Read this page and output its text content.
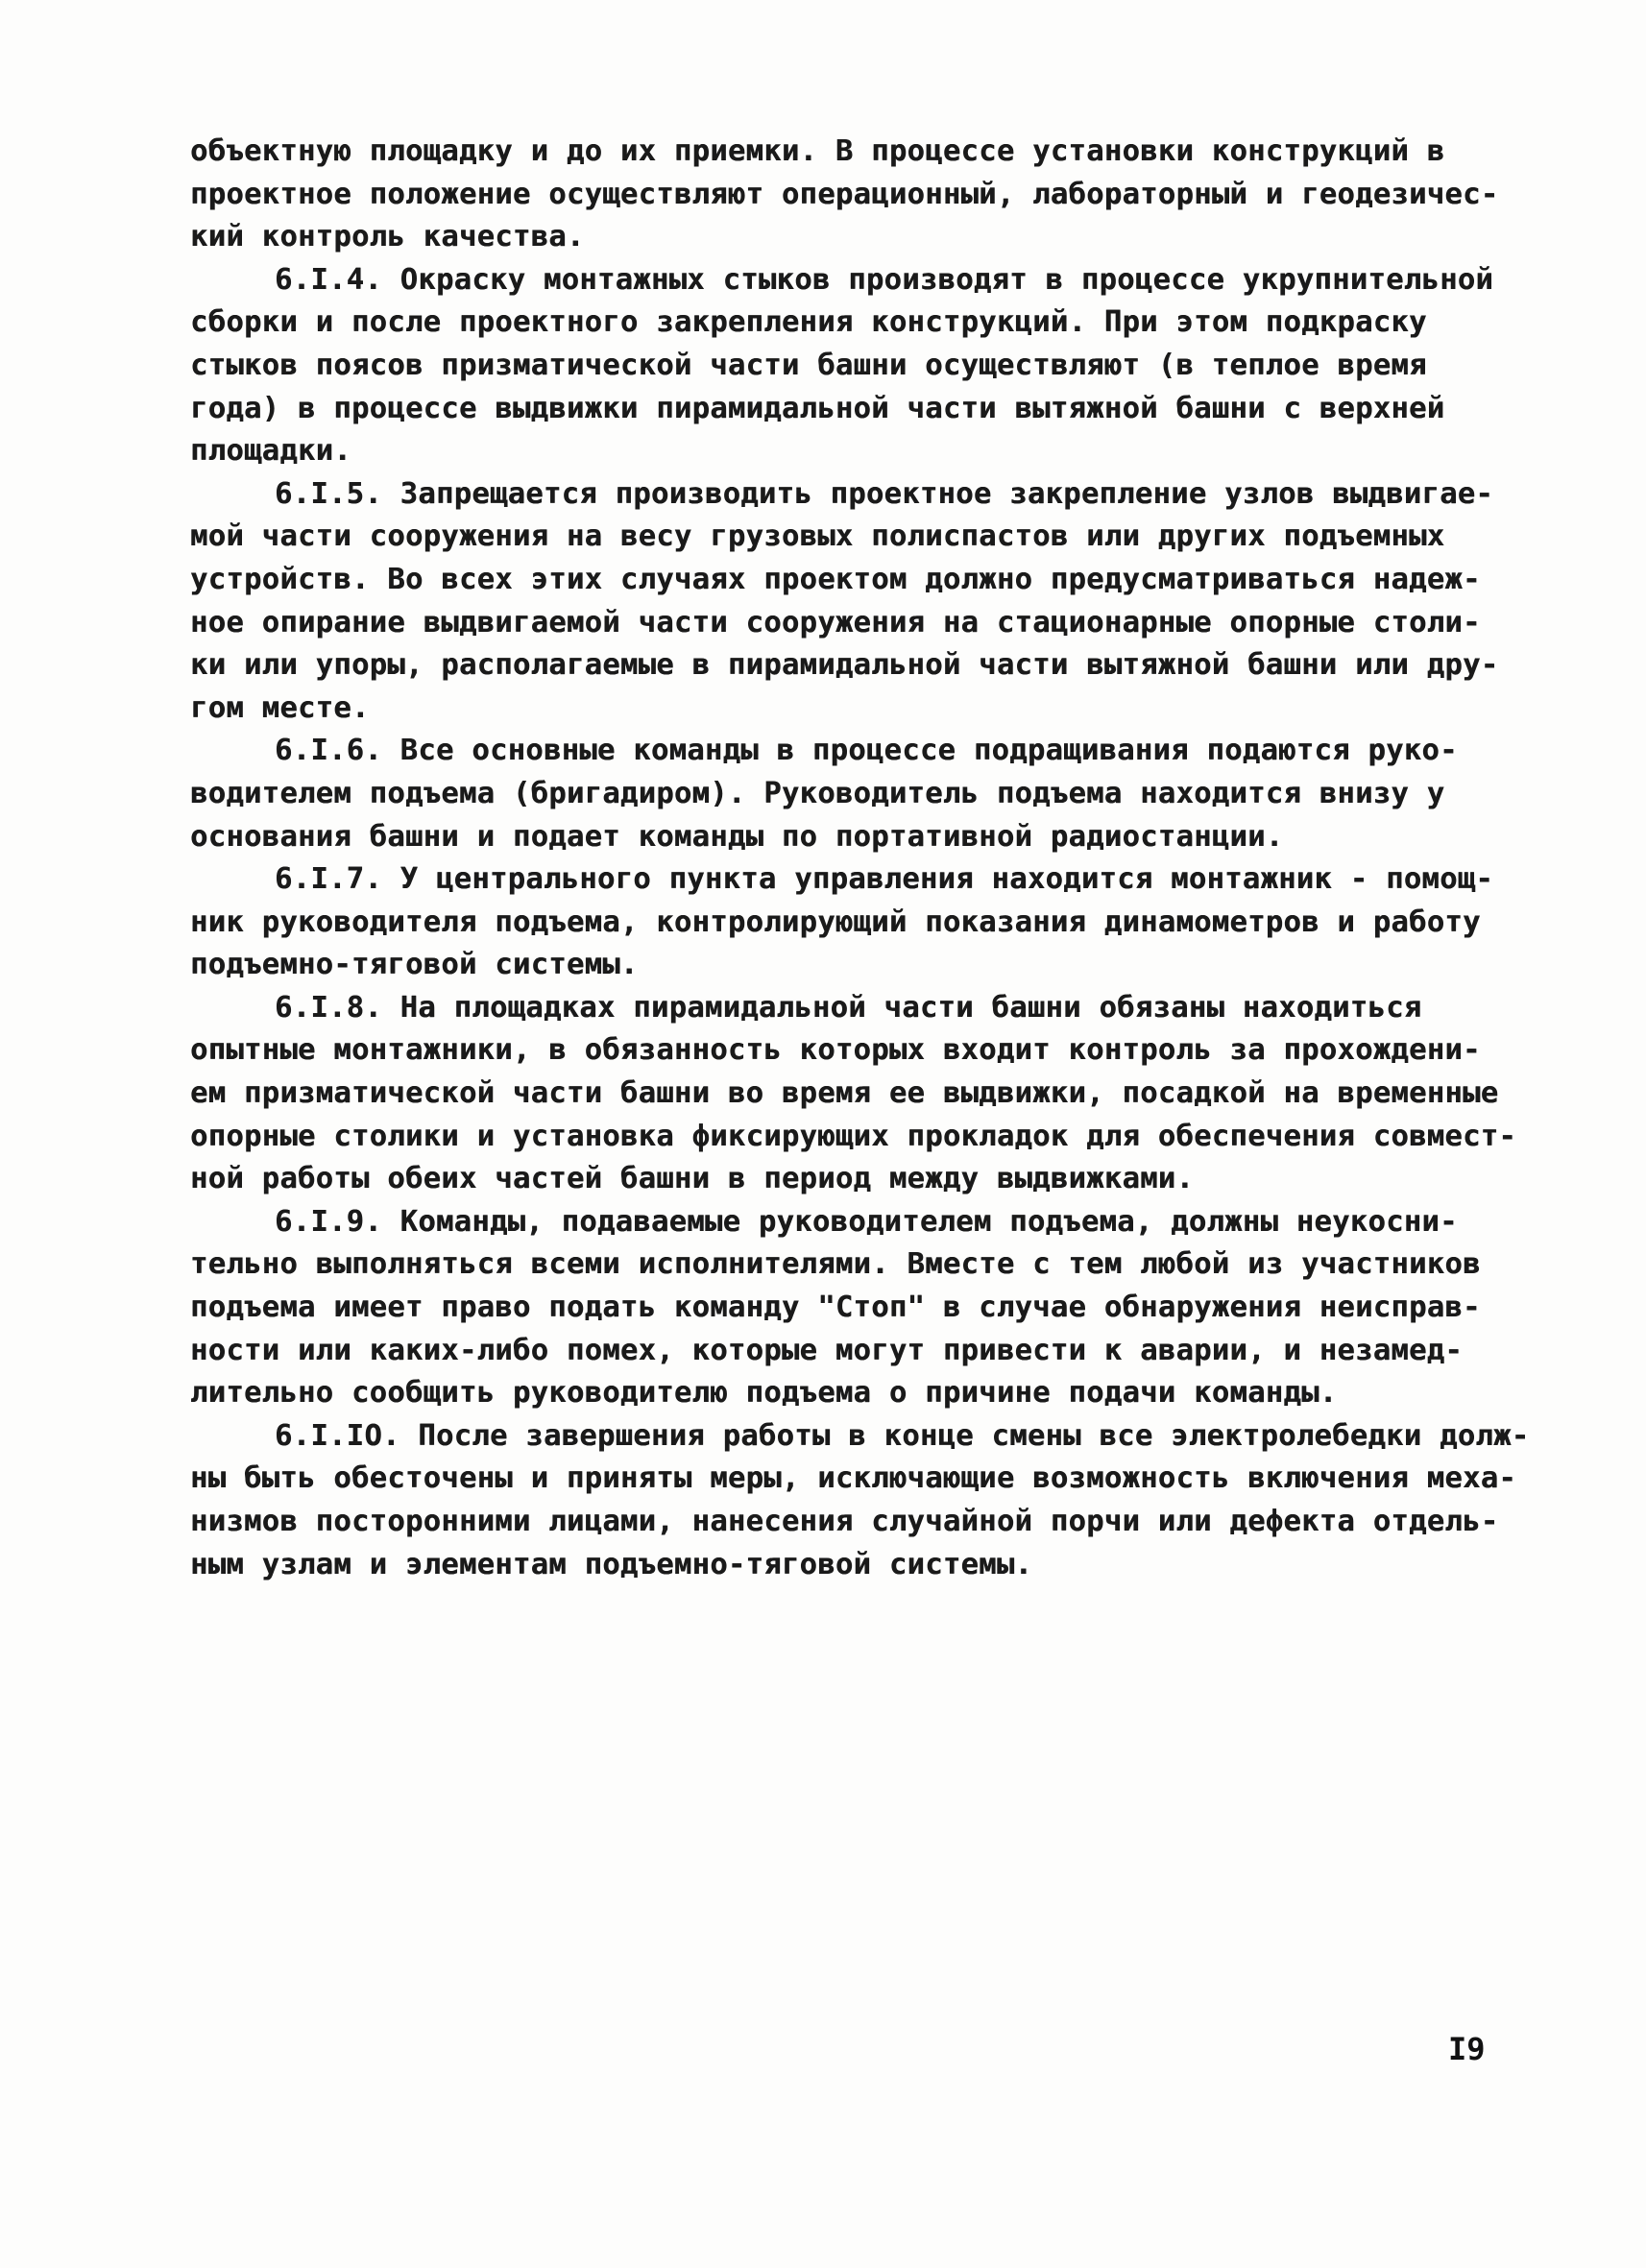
объектную площадку и до их приемки. В процессе установки конструкций в
проектное положение осуществляют операционный, лабораторный и геодезичес-
кий контроль качества.
6.I.4. Окраску монтажных стыков производят в процессе укрупнительной
сборки и после проектного закрепления конструкций. При этом подкраску
стыков поясов призматической части башни осуществляют (в теплое время
года) в процессе выдвижки пирамидальной части вытяжной башни с верхней
площадки.
6.I.5. Запрещается производить проектное закрепление узлов выдвигае-
мой части сооружения на весу грузовых полиспастов или других подъемных
устройств. Во всех этих случаях проектом должно предусматриваться надеж-
ное опирание выдвигаемой части сооружения на стационарные опорные столи-
ки или упоры, располагаемые в пирамидальной части вытяжной башни или дру-
гом месте.
6.I.6. Все основные команды в процессе подращивания подаются руко-
водителем подъема (бригадиром). Руководитель подъема находится внизу у
основания башни и подает команды по портативной радиостанции.
6.I.7. У центрального пункта управления находится монтажник - помощ-
ник руководителя подъема, контролирующий показания динамометров и работу
подъемно-тяговой системы.
6.I.8. На площадках пирамидальной части башни обязаны находиться
опытные монтажники, в обязанность которых входит контроль за прохождени-
ем призматической части башни во время ее выдвижки, посадкой на временные
опорные столики и установка фиксирующих прокладок для обеспечения совмест-
ной работы обеих частей башни в период между выдвижками.
6.I.9. Команды, подаваемые руководителем подъема, должны неукосни-
тельно выполняться всеми исполнителями. Вместе с тем любой из участников
подъема имеет право подать команду "Стоп" в случае обнаружения неисправ-
ности или каких-либо помех, которые могут привести к аварии, и незамед-
лительно сообщить руководителю подъема о причине подачи команды.
6.I.IO. После завершения работы в конце смены все электролебедки долж-
ны быть обесточены и приняты меры, исключающие возможность включения меха-
низмов посторонними лицами, нанесения случайной порчи или дефекта отдель-
ным узлам и элементам подъемно-тяговой системы.
I9
